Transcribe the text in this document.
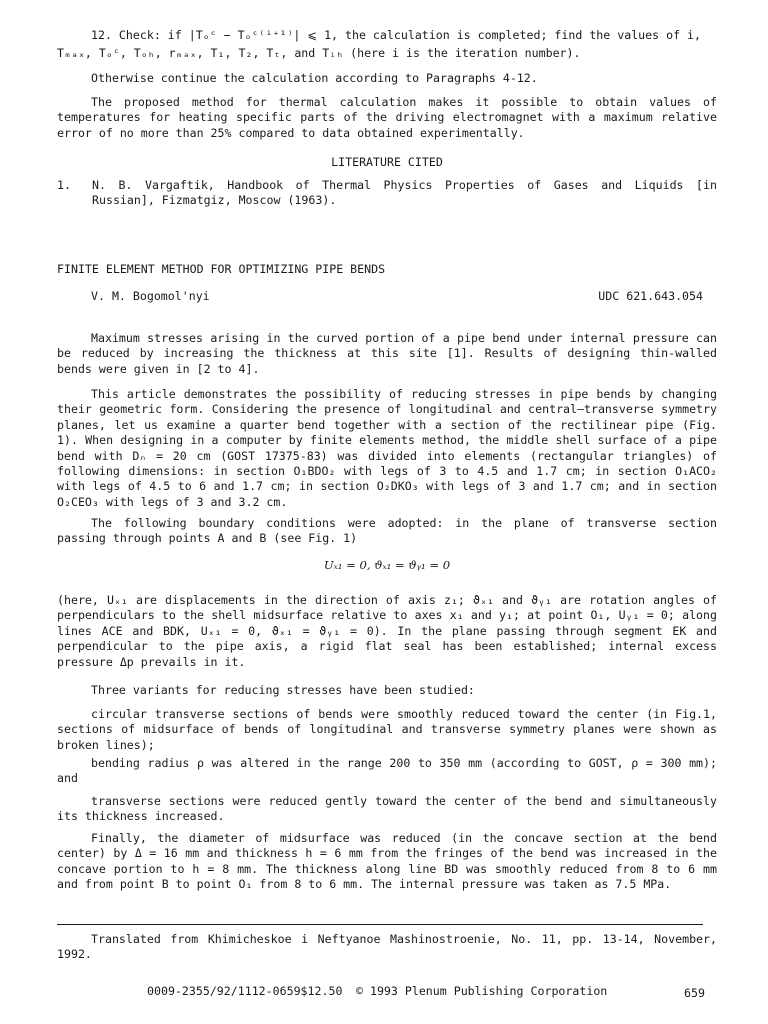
12. Check: if |Tₒᶜ − Tₒᶜ⁽ⁱ⁺¹⁾| ⩽ 1, the calculation is completed; find the values of i,

Tₘₐₓ, Tₒᶜ, Tₒₕ, rₘₐₓ, T₁, T₂, Tₜ, and Tᵢₕ (here i is the iteration number).

Otherwise continue the calculation according to Paragraphs 4-12.

The proposed method for thermal calculation makes it possible to obtain values of temperatures for heating specific parts of the driving electromagnet with a maximum relative error of no more than 25% compared to data obtained experimentally.

LITERATURE CITED

1. N. B. Vargaftik, Handbook of Thermal Physics Properties of Gases and Liquids [in Russian], Fizmatgiz, Moscow (1963).

FINITE ELEMENT METHOD FOR OPTIMIZING PIPE BENDS

V. M. Bogomol'nyi	UDC 621.643.054

Maximum stresses arising in the curved portion of a pipe bend under internal pressure can be reduced by increasing the thickness at this site [1]. Results of designing thin-walled bends were given in [2 to 4].

This article demonstrates the possibility of reducing stresses in pipe bends by changing their geometric form. Considering the presence of longitudinal and central—transverse symmetry planes, let us examine a quarter bend together with a section of the rectilinear pipe (Fig. 1). When designing in a computer by finite elements method, the middle shell surface of a pipe bend with Dₙ = 20 cm (GOST 17375-83) was divided into elements (rectangular triangles) of following dimensions: in section O₁BDO₂ with legs of 3 to 4.5 and 1.7 cm; in section O₁ACO₂ with legs of 4.5 to 6 and 1.7 cm; in section O₂DKO₃ with legs of 3 and 1.7 cm; and in section O₂CEO₃ with legs of 3 and 3.2 cm.

The following boundary conditions were adopted: in the plane of transverse section passing through points A and B (see Fig. 1)

Uₓ₁ = 0, ϑₓ₁ = ϑᵧ₁ = 0

(here, Uₓ₁ are displacements in the direction of axis z₁; ϑₓ₁ and ϑᵧ₁ are rotation angles of perpendiculars to the shell midsurface relative to axes x₁ and y₁; at point O₁, Uᵧ₁ = 0; along lines ACE and BDK, Uₓ₁ = 0, ϑₓ₁ = ϑᵧ₁ = 0). In the plane passing through segment EK and perpendicular to the pipe axis, a rigid flat seal has been established; internal excess pressure Δp prevails in it.

Three variants for reducing stresses have been studied:

circular transverse sections of bends were smoothly reduced toward the center (in Fig.1, sections of midsurface of bends of longitudinal and transverse symmetry planes were shown as broken lines);

bending radius ρ was altered in the range 200 to 350 mm (according to GOST, ρ = 300 mm); and

transverse sections were reduced gently toward the center of the bend and simultaneously its thickness increased.

Finally, the diameter of midsurface was reduced (in the concave section at the bend center) by Δ = 16 mm and thickness h = 6 mm from the fringes of the bend was increased in the concave portion to h = 8 mm. The thickness along line BD was smoothly reduced from 8 to 6 mm and from point B to point O₁ from 8 to 6 mm. The internal pressure was taken as 7.5 MPa.

Translated from Khimicheskoe i Neftyanoe Mashinostroenie, No. 11, pp. 13-14, November, 1992.

0009-2355/92/1112-0659$12.50 © 1993 Plenum Publishing Corporation	659
